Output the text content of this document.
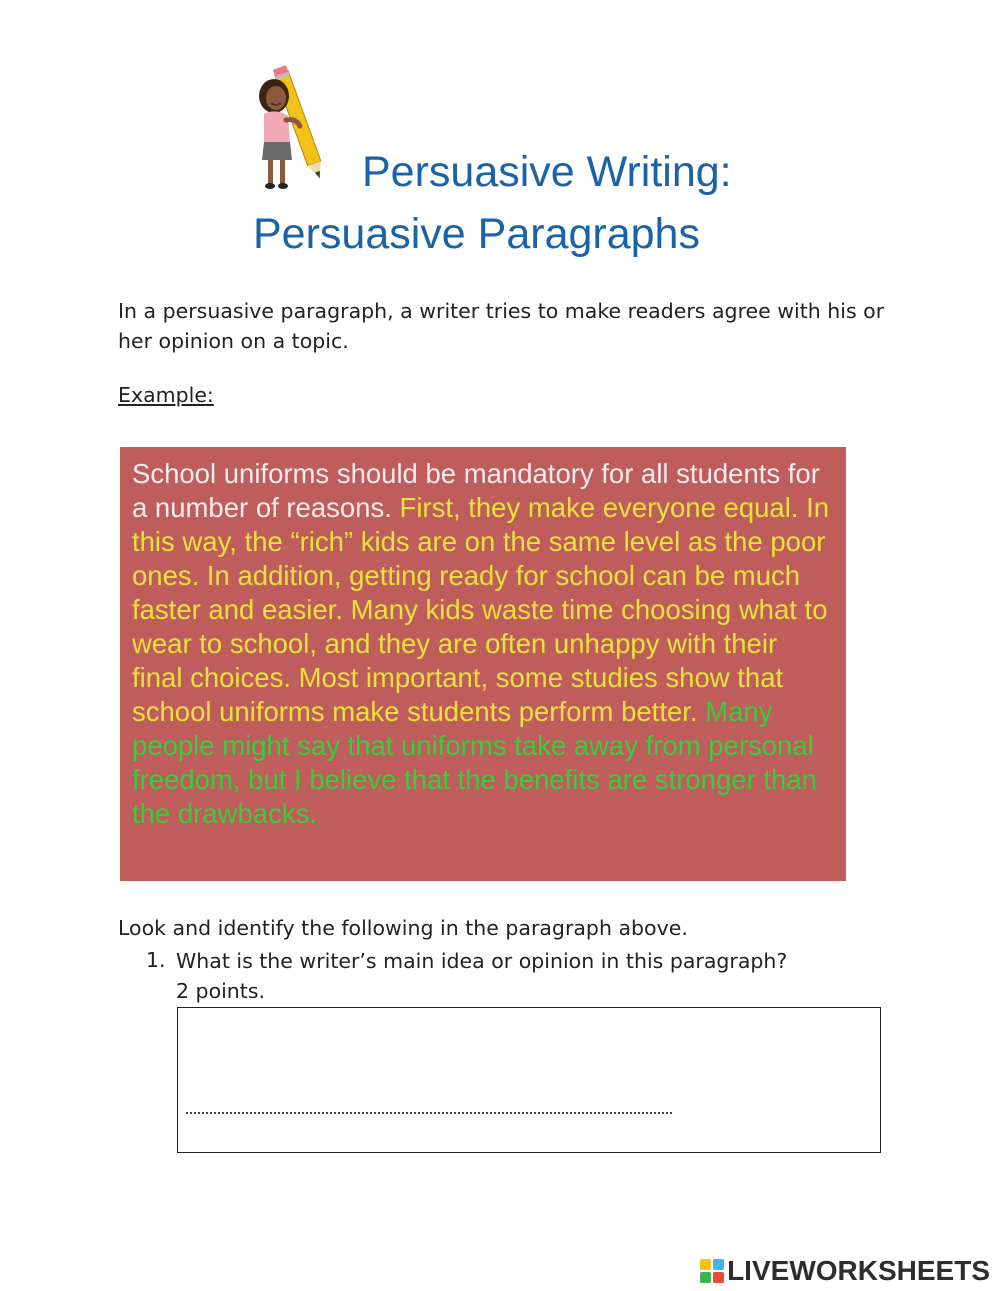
Persuasive Writing:
Persuasive Paragraphs
In a persuasive paragraph, a writer tries to make readers agree with his or her opinion on a topic.
Example:
School uniforms should be mandatory for all students for a number of reasons. First, they make everyone equal. In this way, the “rich” kids are on the same level as the poor ones. In addition, getting ready for school can be much faster and easier. Many kids waste time choosing what to wear to school, and they are often unhappy with their final choices. Most important, some studies show that school uniforms make students perform better. Many people might say that uniforms take away from personal freedom, but I believe that the benefits are stronger than the drawbacks.
Look and identify the following in the paragraph above.
1. What is the writer’s main idea or opinion in this paragraph?
2 points.
LIVEWORKSHEETS
